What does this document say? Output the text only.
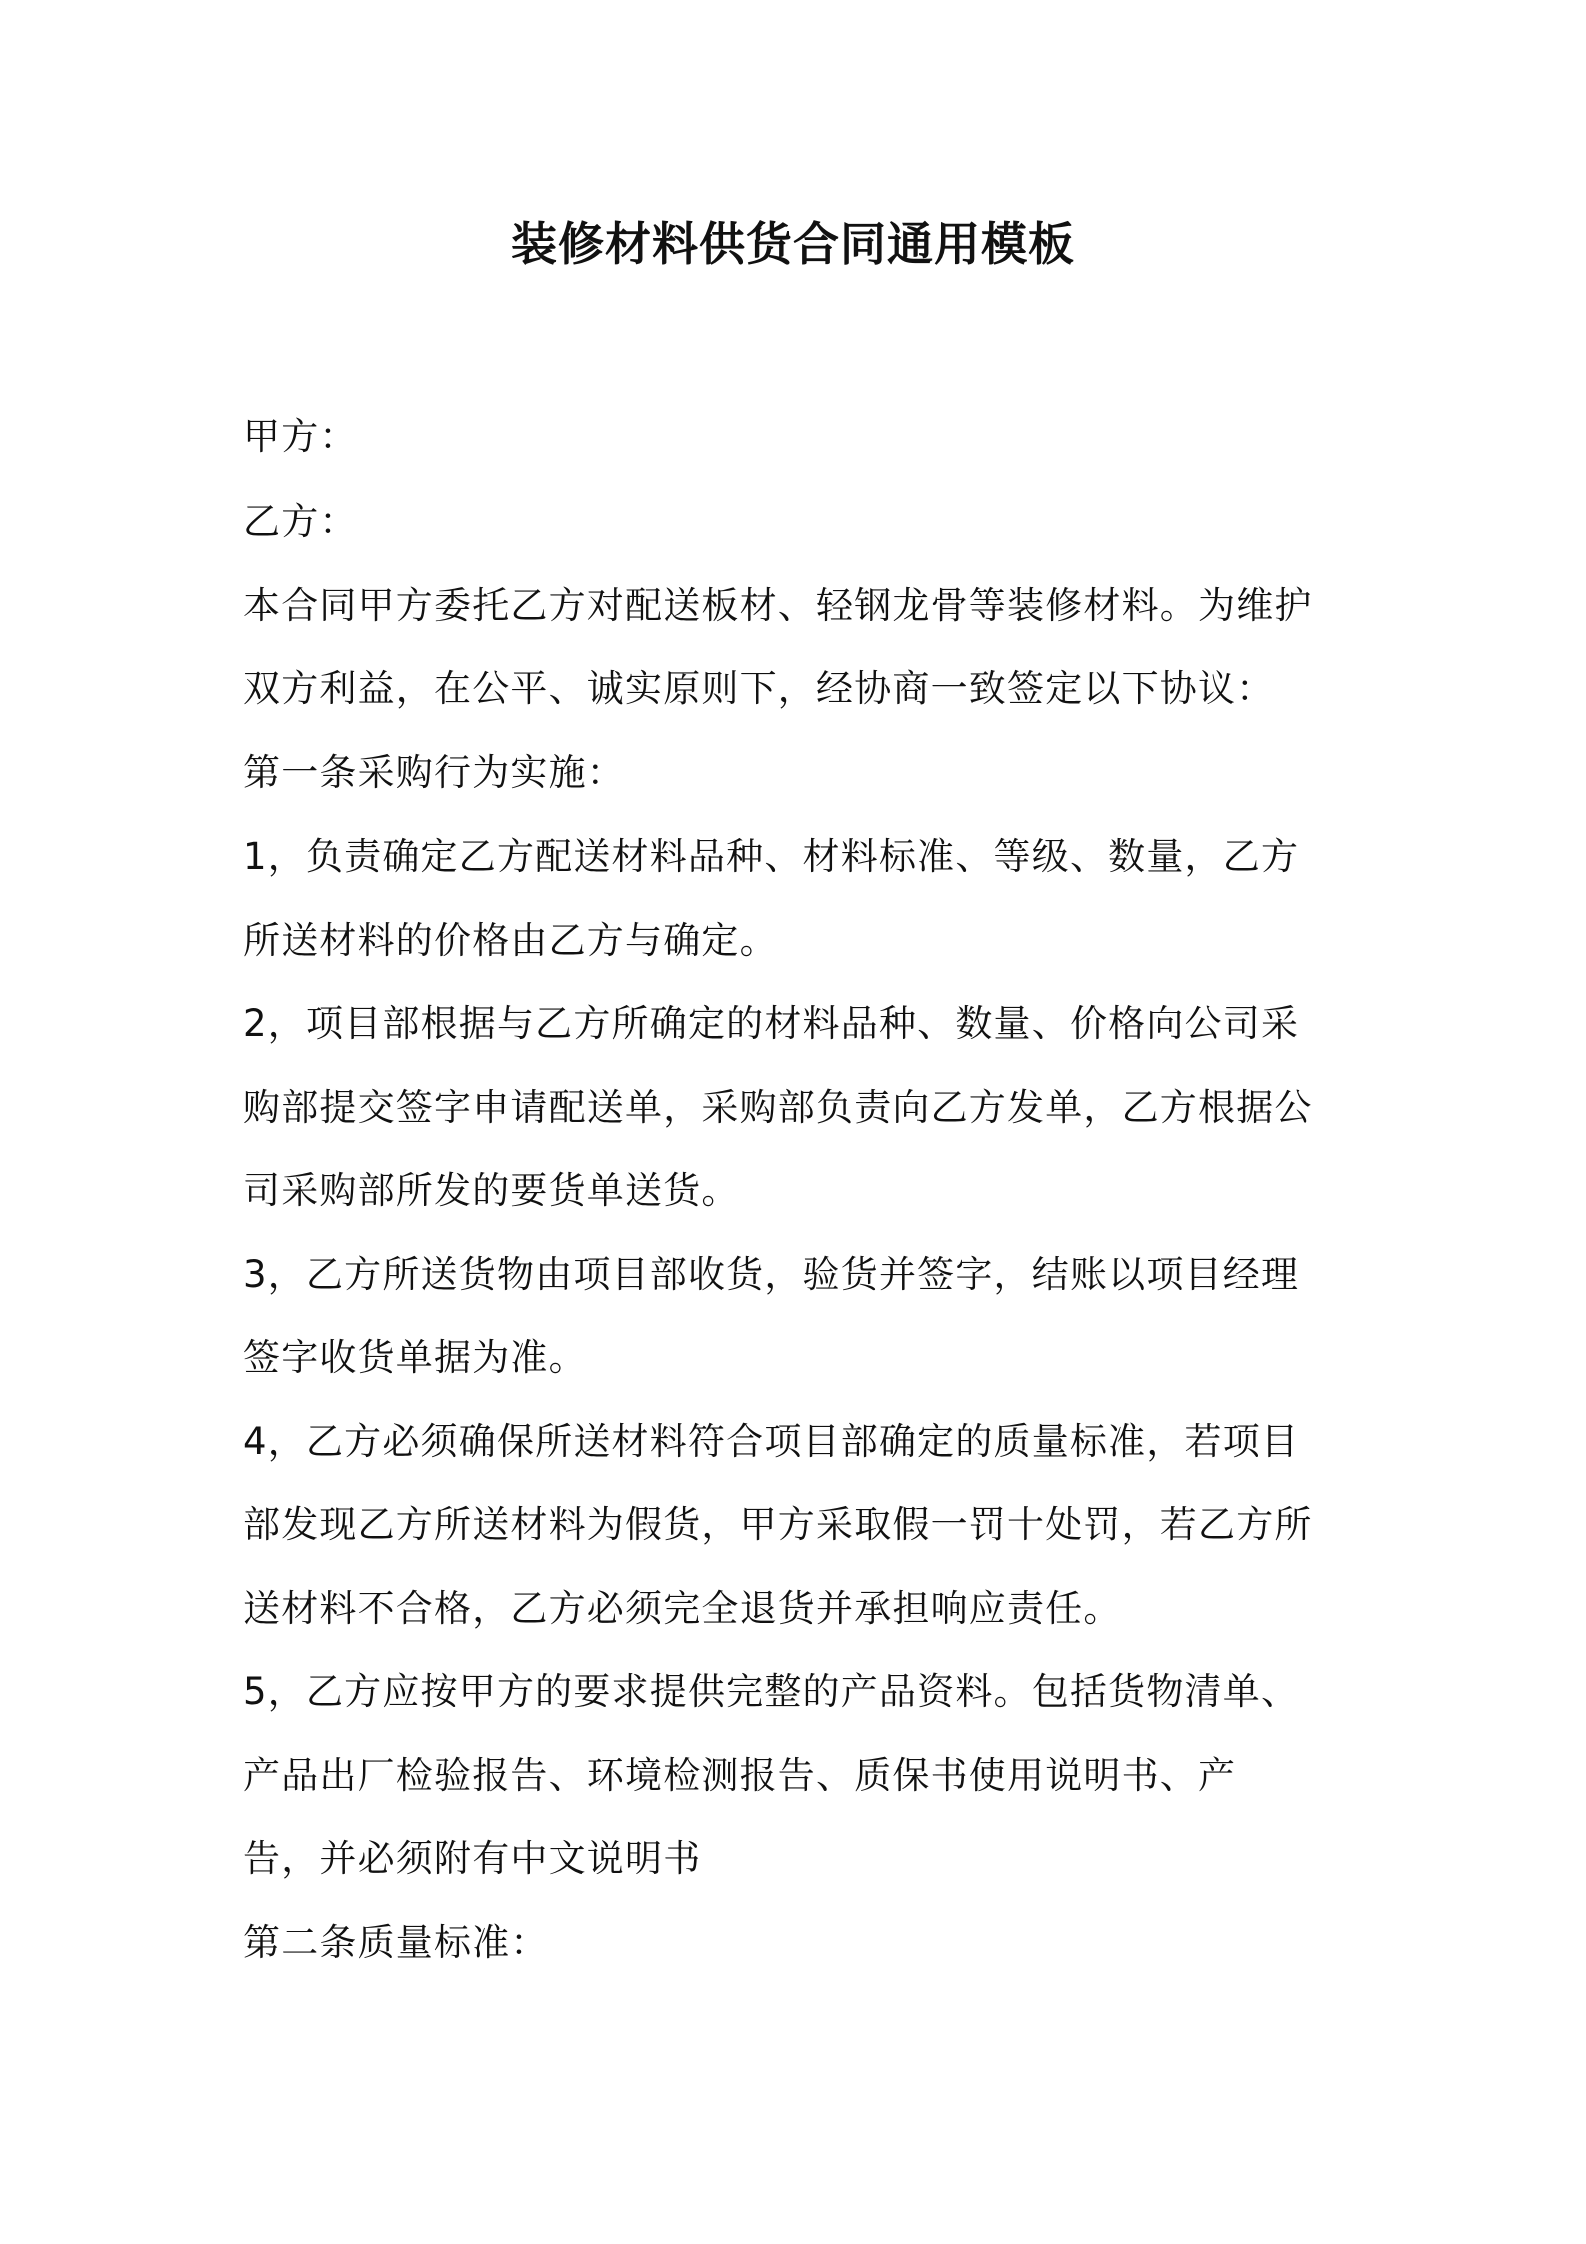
装修材料供货合同通用模板

甲方：

乙方：

本合同甲方委托乙方对配送板材、轻钢龙骨等装修材料。为维护

双方利益，在公平、诚实原则下，经协商一致签定以下协议：

第一条采购行为实施：

1，负责确定乙方配送材料品种、材料标准、等级、数量，乙方

所送材料的价格由乙方与确定。

2，项目部根据与乙方所确定的材料品种、数量、价格向公司采

购部提交签字申请配送单，采购部负责向乙方发单，乙方根据公

司采购部所发的要货单送货。

3，乙方所送货物由项目部收货，验货并签字，结账以项目经理

签字收货单据为准。

4，乙方必须确保所送材料符合项目部确定的质量标准，若项目

部发现乙方所送材料为假货，甲方采取假一罚十处罚，若乙方所

送材料不合格，乙方必须完全退货并承担响应责任。

5，乙方应按甲方的要求提供完整的产品资料。包括货物清单、

产品出厂检验报告、环境检测报告、质保书使用说明书、产

告，并必须附有中文说明书

第二条质量标准：
